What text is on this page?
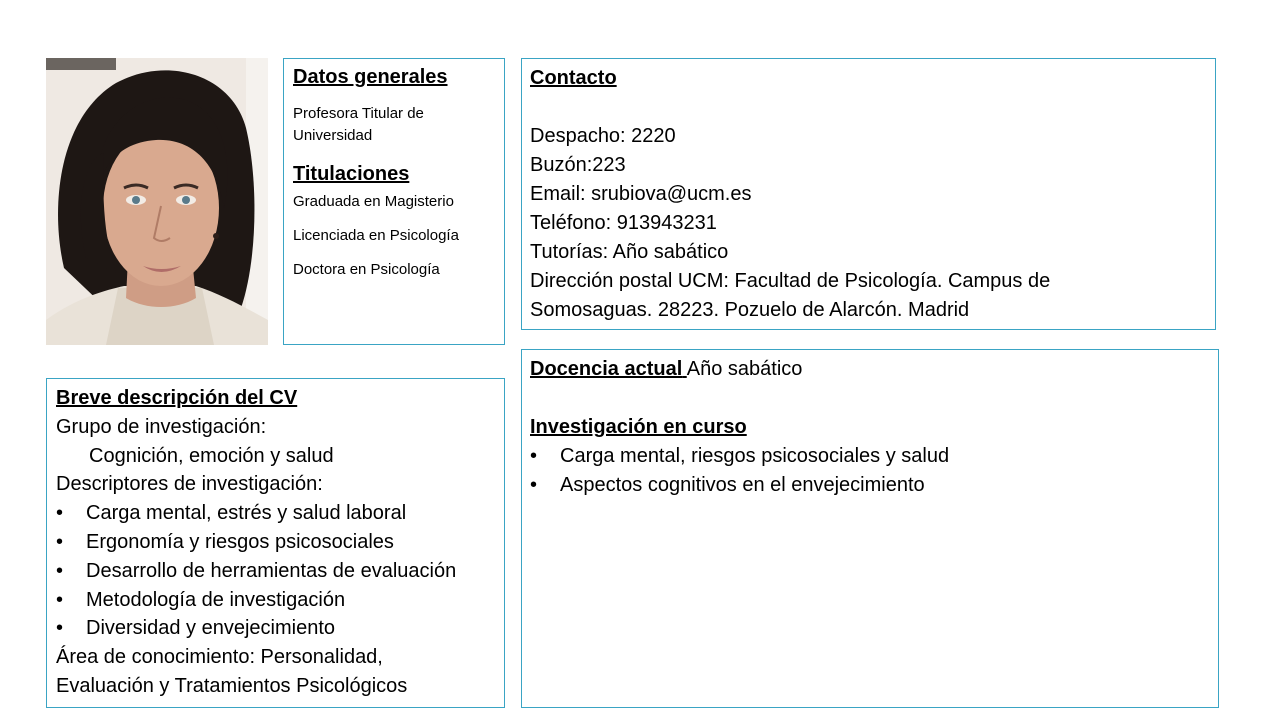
Datos generales
Profesora Titular de Universidad
Titulaciones
Graduada en Magisterio
Licenciada en Psicología
Doctora en Psicología
Contacto

Despacho: 2220
Buzón:223
Email: srubiova@ucm.es
Teléfono: 913943231
Tutorías: Año sabático
Dirección postal UCM: Facultad de Psicología. Campus de
Somosaguas. 28223. Pozuelo de Alarcón. Madrid
Breve descripción del CV
Grupo de investigación:
Cognición, emoción y salud
Descriptores de investigación:
• Carga mental, estrés y salud laboral
• Ergonomía y riesgos psicosociales
• Desarrollo de herramientas de evaluación
• Metodología de investigación
• Diversidad y envejecimiento
Área de conocimiento: Personalidad,
Evaluación y Tratamientos Psicológicos
Docencia actual Año sabático

Investigación en curso
• Carga mental, riesgos psicosociales y salud
• Aspectos cognitivos en el envejecimiento
